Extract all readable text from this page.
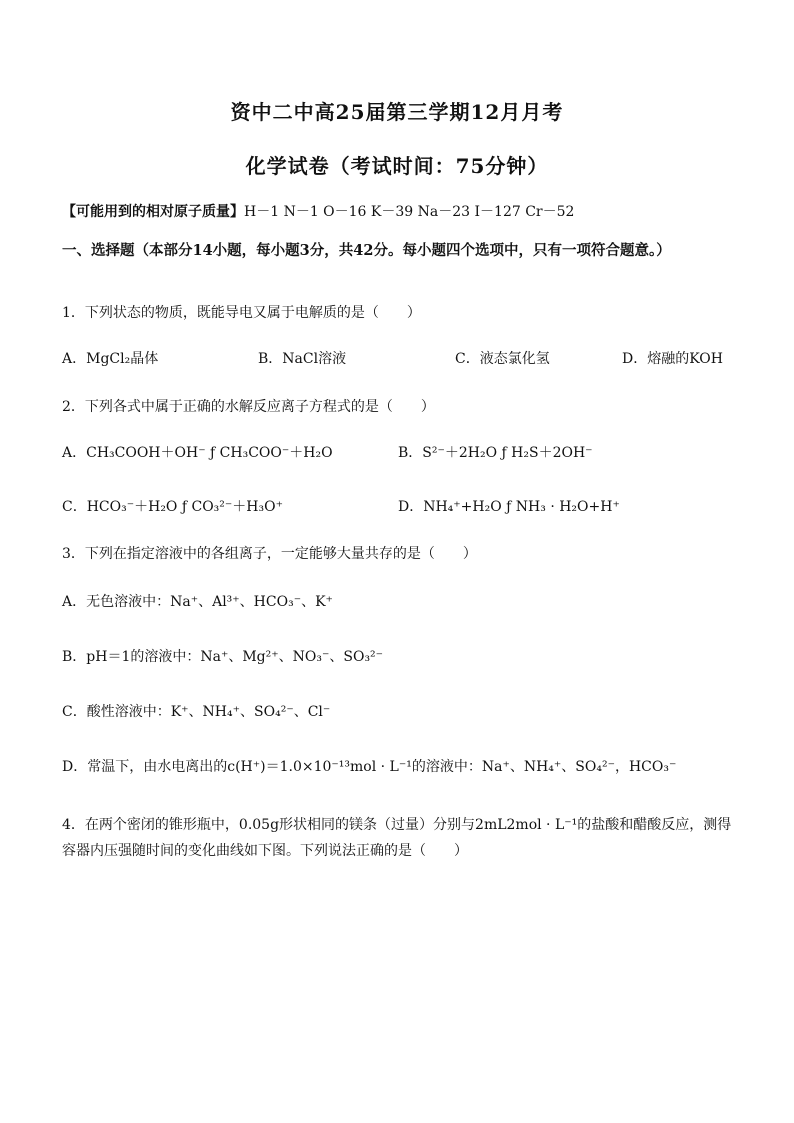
资中二中高25届第三学期12月月考
化学试卷（考试时间：75分钟）
【可能用到的相对原子质量】H－1 N－1 O－16 K－39 Na－23 I－127 Cr－52
一、选择题（本部分14小题，每小题3分，共42分。每小题四个选项中，只有一项符合题意。）
1．下列状态的物质，既能导电又属于电解质的是（　　）
A．MgCl₂晶体	B．NaCl溶液	C．液态氯化氢	D．熔融的KOH
2．下列各式中属于正确的水解反应离子方程式的是（　　）
A．CH₃COOH＋OH⁻ ƒ CH₃COO⁻＋H₂O	B．S²⁻＋2H₂O ƒ H₂S＋2OH⁻
C．HCO₃⁻＋H₂O ƒ CO₃²⁻＋H₃O⁺	D．NH₄⁺+H₂O ƒ NH₃ · H₂O+H⁺
3．下列在指定溶液中的各组离子，一定能够大量共存的是（　　）
A．无色溶液中：Na⁺、Al³⁺、HCO₃⁻、K⁺
B．pH＝1的溶液中：Na⁺、Mg²⁺、NO₃⁻、SO₃²⁻
C．酸性溶液中：K⁺、NH₄⁺、SO₄²⁻、Cl⁻
D．常温下，由水电离出的c(H⁺)＝1.0×10⁻¹³mol · L⁻¹的溶液中：Na⁺、NH₄⁺、SO₄²⁻，HCO₃⁻
4．在两个密闭的锥形瓶中，0.05g形状相同的镁条（过量）分别与2mL2mol · L⁻¹的盐酸和醋酸反应，测得容器内压强随时间的变化曲线如下图。下列说法正确的是（　　）
